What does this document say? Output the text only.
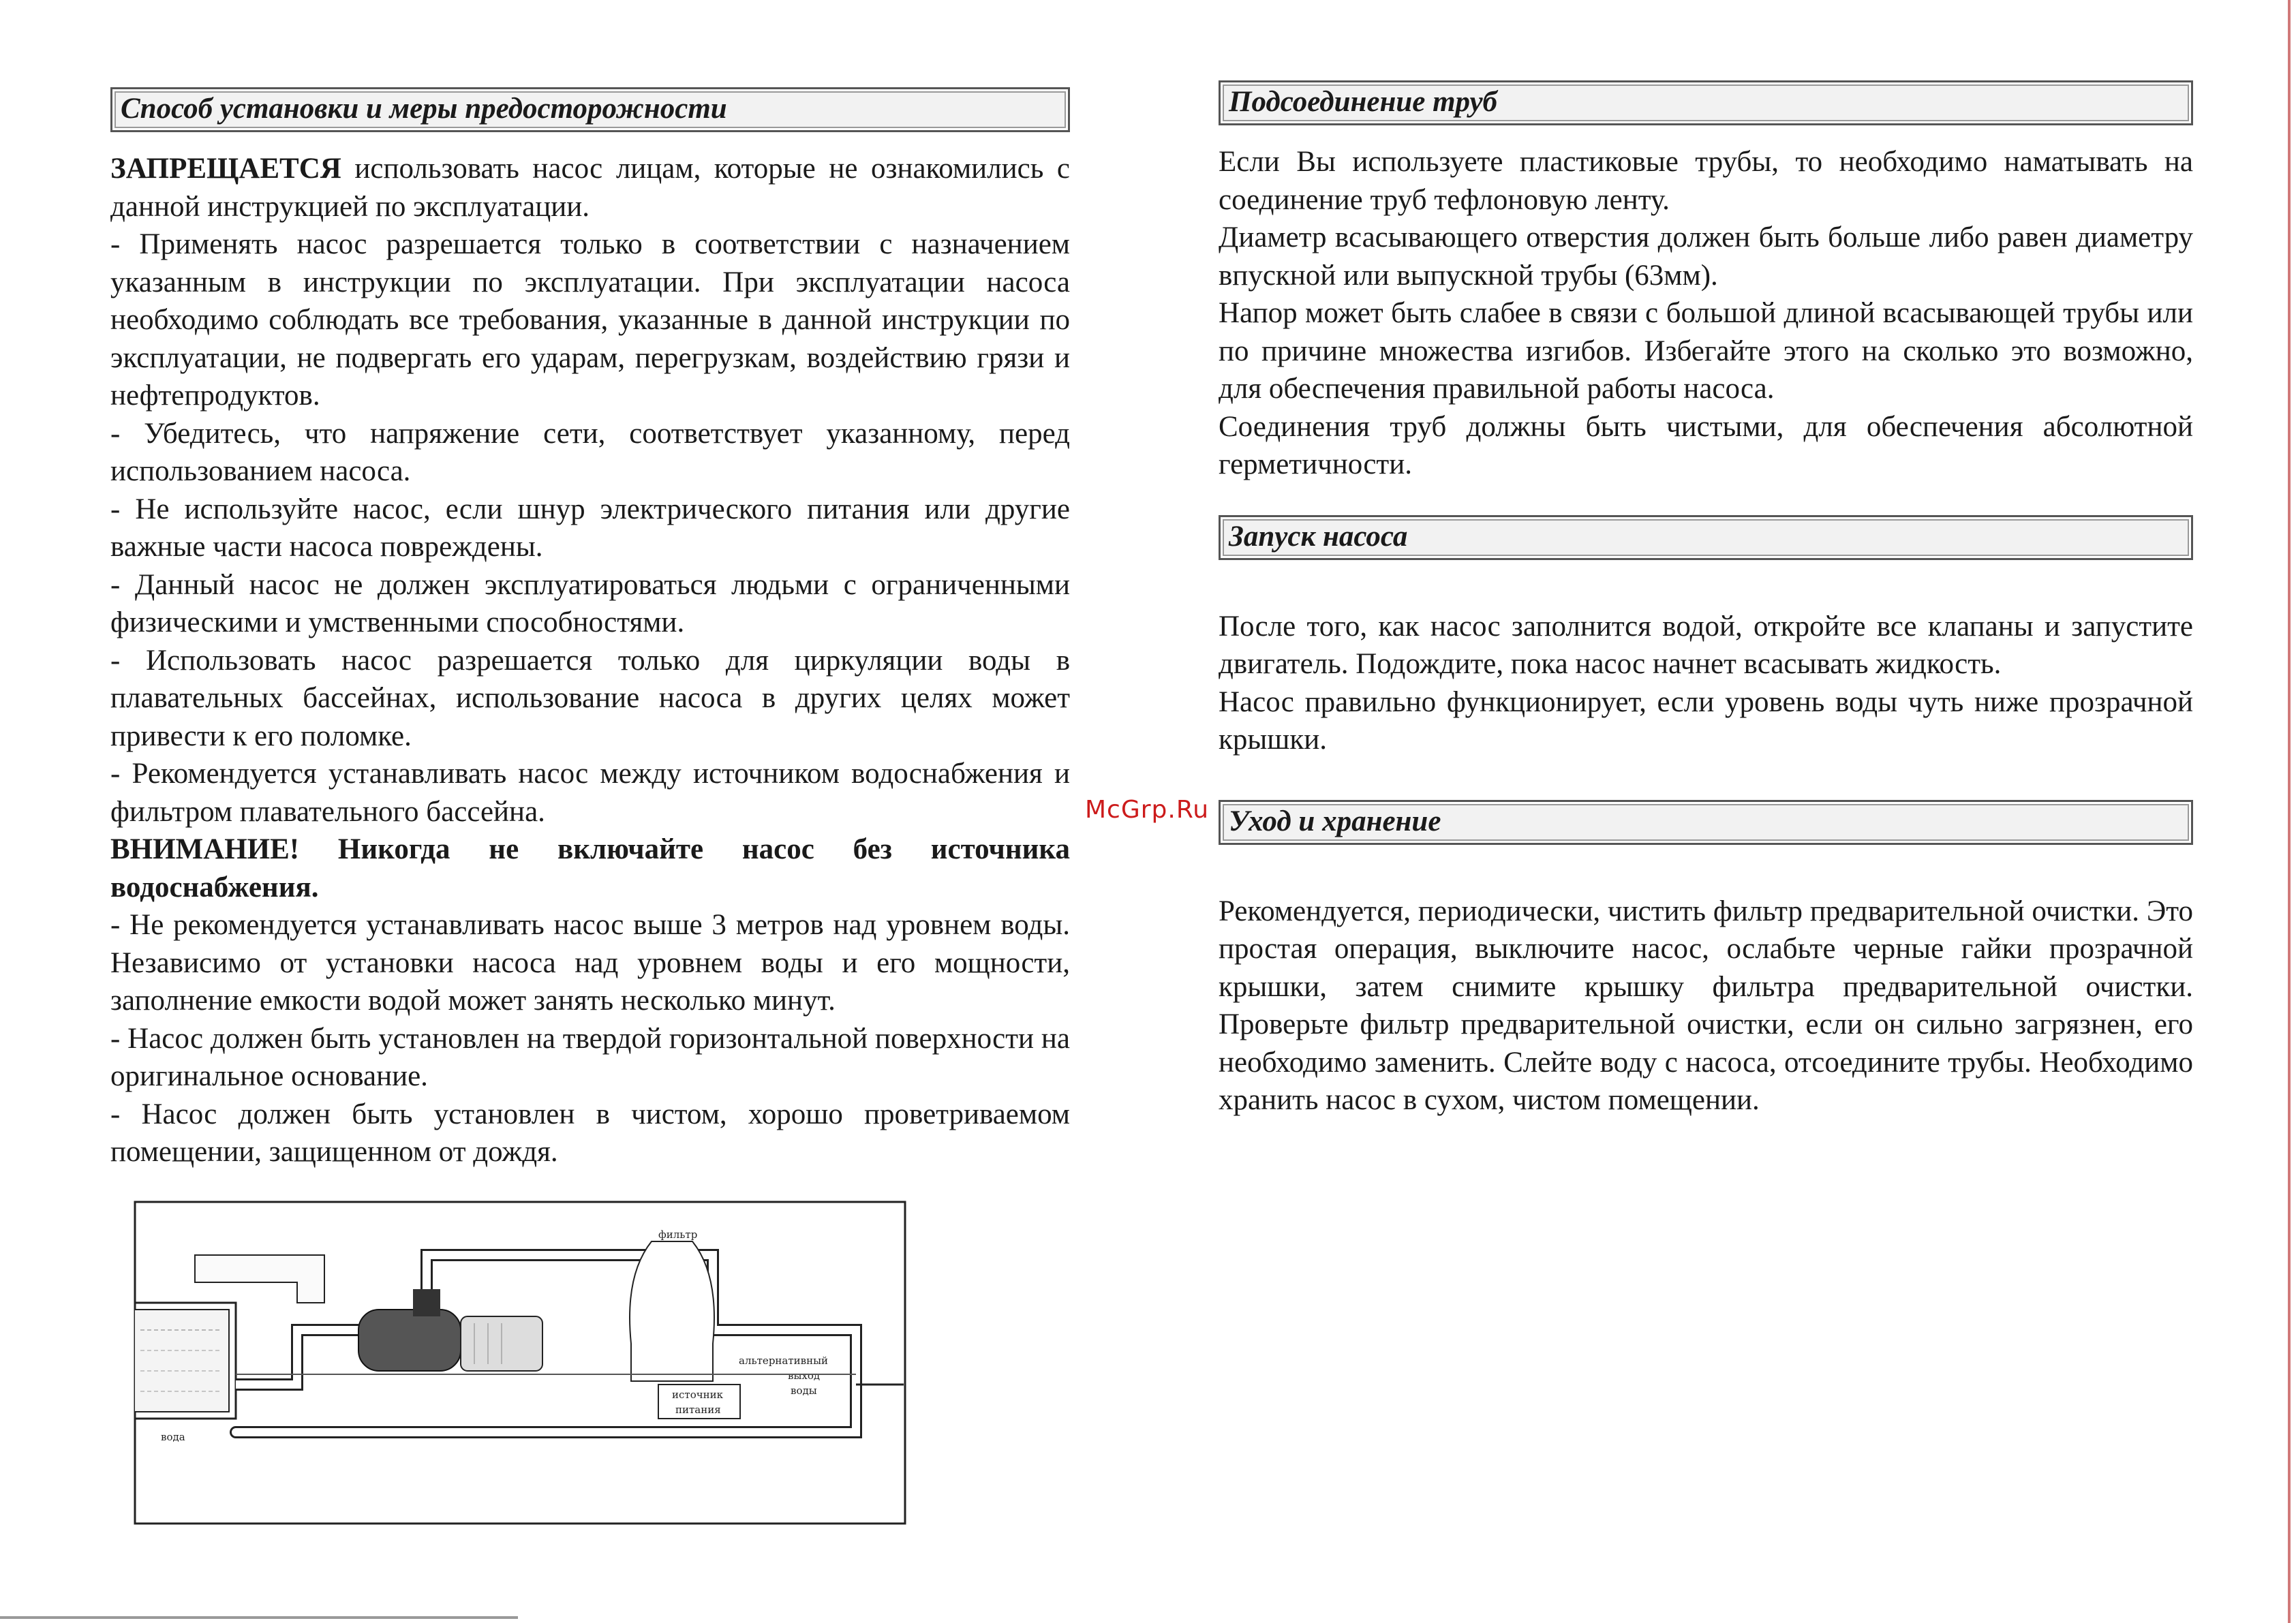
Способ установки и меры предосторожности

ЗАПРЕЩАЕТСЯ использовать насос лицам, которые не ознакомились с данной инструкцией по эксплуатации.

- Применять насос разрешается только в соответствии с назначением указанным в инструкции по эксплуатации. При эксплуатации насоса необходимо соблюдать все требования, указанные в данной инструкции по эксплуатации, не подвергать его ударам, перегрузкам, воздействию грязи и нефтепродуктов.

- Убедитесь, что напряжение сети, соответствует указанному, перед использованием насоса.

- Не используйте насос, если шнур электрического питания или другие важные части насоса повреждены.

- Данный насос не должен эксплуатироваться людьми с ограниченными физическими и умственными способностями.

- Использовать насос разрешается только для циркуляции воды в плавательных бассейнах, использование насоса в других целях может привести к его поломке.

- Рекомендуется устанавливать насос между источником водоснабжения и фильтром плавательного бассейна.

ВНИМАНИЕ! Никогда не включайте насос без источника водоснабжения.

- Не рекомендуется устанавливать насос выше 3 метров над уровнем воды. Независимо от установки насоса над уровнем воды и его мощности, заполнение емкости водой может занять несколько минут.

- Насос должен быть установлен на твердой горизонтальной поверхности на оригинальное основание.

- Насос должен быть установлен в чистом, хорошо проветриваемом помещении, защищенном от дождя.

вода
фильтр
источник
питания
альтернативный
выход
воды
McGrp.Ru
Подсоединение труб

Если Вы используете пластиковые трубы, то необходимо наматывать на соединение труб тефлоновую ленту.

Диаметр всасывающего отверстия должен быть больше либо равен диаметру впускной или выпускной трубы (63мм).

Напор может быть слабее в связи с большой длиной всасывающей трубы или по причине множества изгибов. Избегайте этого на сколько это возможно, для обеспечения правильной работы насоса.

Соединения труб должны быть чистыми, для обеспечения абсолютной герметичности.

Запуск насоса

После того, как насос заполнится водой, откройте все клапаны и запустите двигатель. Подождите, пока насос начнет всасывать жидкость.

Насос правильно функционирует, если уровень воды чуть ниже прозрачной крышки.

Уход и хранение

Рекомендуется, периодически, чистить фильтр предварительной очистки. Это простая операция, выключите насос, ослабьте черные гайки прозрачной крышки, затем снимите крышку фильтра предварительной очистки. Проверьте фильтр предварительной очистки, если он сильно загрязнен, его необходимо заменить. Слейте воду с насоса, отсоедините трубы. Необходимо хранить насос в сухом, чистом помещении.
